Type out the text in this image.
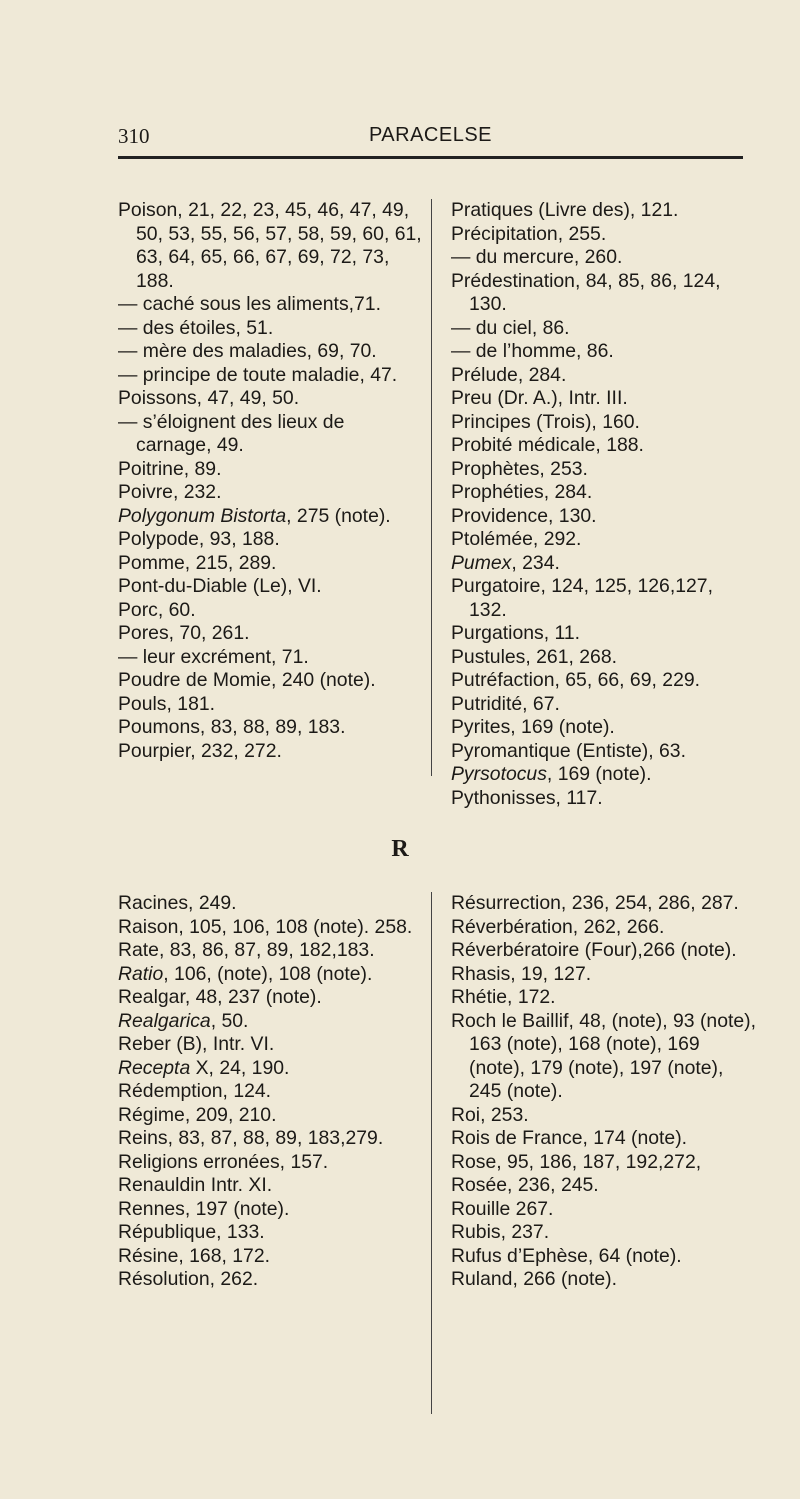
310	PARACELSE

Poison, 21, 22, 23, 45, 46, 47, 49, 50, 53, 55, 56, 57, 58, 59, 60, 61, 63, 64, 65, 66, 67, 69, 72, 73, 188.

— caché sous les aliments,71.

— des étoiles, 51.

— mère des maladies, 69, 70.

— principe de toute maladie, 47.

Poissons, 47, 49, 50.

— s’éloignent des lieux de carnage, 49.

Poitrine, 89.

Poivre, 232.

Polygonum Bistorta, 275 (note).

Polypode, 93, 188.

Pomme, 215, 289.

Pont-du-Diable (Le), VI.

Porc, 60.

Pores, 70, 261.

— leur excrément, 71.

Poudre de Momie, 240 (note).

Pouls, 181.

Poumons, 83, 88, 89, 183.

Pourpier, 232, 272.

Pratiques (Livre des), 121.

Précipitation, 255.

— du mercure, 260.

Prédestination, 84, 85, 86, 124, 130.

— du ciel, 86.

— de l’homme, 86.

Prélude, 284.

Preu (Dr. A.), Intr. III.

Principes (Trois), 160.

Probité médicale, 188.

Prophètes, 253.

Prophéties, 284.

Providence, 130.

Ptolémée, 292.

Pumex, 234.

Purgatoire, 124, 125, 126,127, 132.

Purgations, 11.

Pustules, 261, 268.

Putréfaction, 65, 66, 69, 229.

Putridité, 67.

Pyrites, 169 (note).

Pyromantique (Entiste), 63.

Pyrsotocus, 169 (note).

Pythonisses, 117.

R

Racines, 249.

Raison, 105, 106, 108 (note). 258.

Rate, 83, 86, 87, 89, 182,183.

Ratio, 106, (note), 108 (note).

Realgar, 48, 237 (note).

Realgarica, 50.

Reber (B), Intr. VI.

Recepta X, 24, 190.

Rédemption, 124.

Régime, 209, 210.

Reins, 83, 87, 88, 89, 183,279.

Religions erronées, 157.

Renauldin Intr. XI.

Rennes, 197 (note).

République, 133.

Résine, 168, 172.

Résolution, 262.

Résurrection, 236, 254, 286, 287.

Réverbération, 262, 266.

Réverbératoire (Four),266 (note).

Rhasis, 19, 127.

Rhétie, 172.

Roch le Baillif, 48, (note), 93 (note), 163 (note), 168 (note), 169 (note), 179 (note), 197 (note), 245 (note).

Roi, 253.

Rois de France, 174 (note).

Rose, 95, 186, 187, 192,272,

Rosée, 236, 245.

Rouille 267.

Rubis, 237.

Rufus d’Ephèse, 64 (note).

Ruland, 266 (note).
